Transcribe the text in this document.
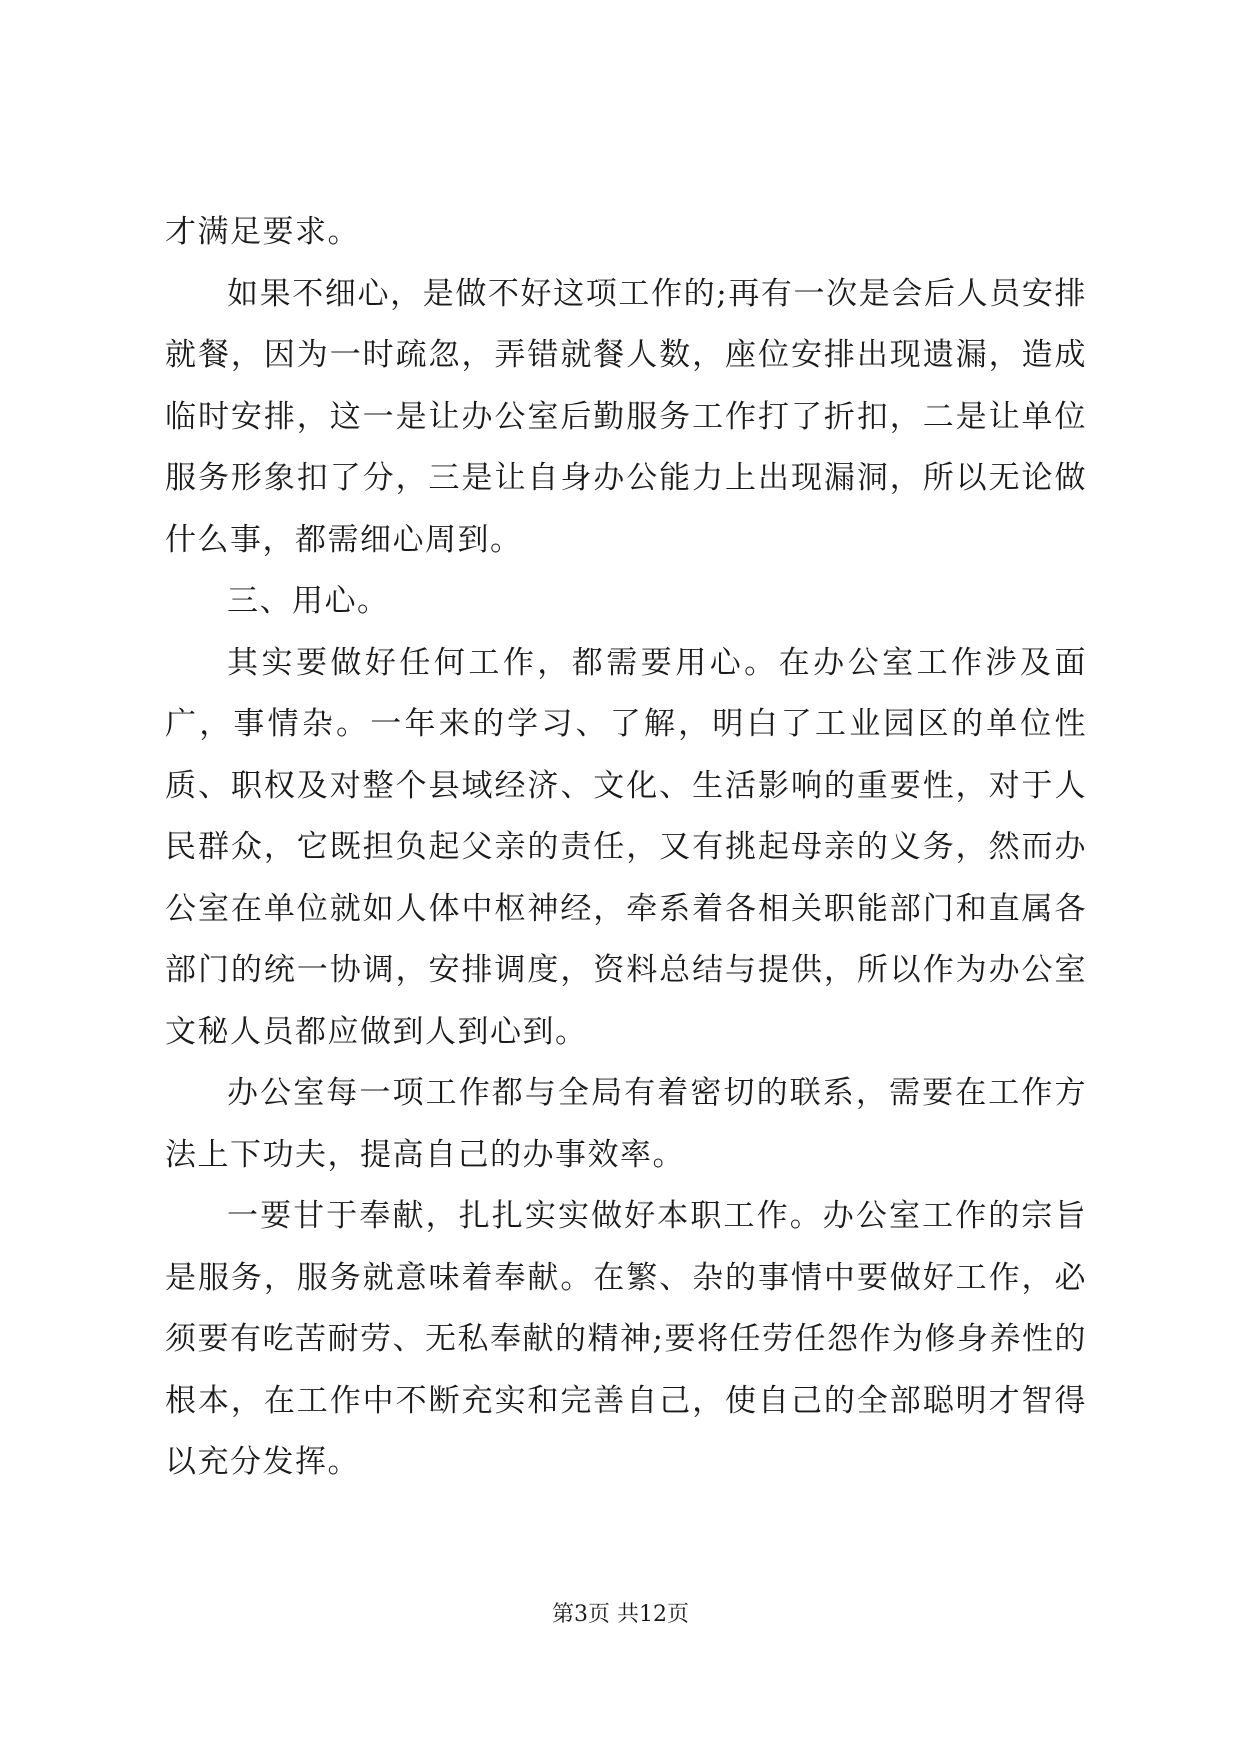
才满足要求。

如果不细心，是做不好这项工作的;再有一次是会后人员安排就餐，因为一时疏忽，弄错就餐人数，座位安排出现遗漏，造成临时安排，这一是让办公室后勤服务工作打了折扣，二是让单位服务形象扣了分，三是让自身办公能力上出现漏洞，所以无论做什么事，都需细心周到。

三、用心。

其实要做好任何工作，都需要用心。在办公室工作涉及面广，事情杂。一年来的学习、了解，明白了工业园区的单位性质、职权及对整个县域经济、文化、生活影响的重要性，对于人民群众，它既担负起父亲的责任，又有挑起母亲的义务，然而办公室在单位就如人体中枢神经，牵系着各相关职能部门和直属各部门的统一协调，安排调度，资料总结与提供，所以作为办公室文秘人员都应做到人到心到。

办公室每一项工作都与全局有着密切的联系，需要在工作方法上下功夫，提高自己的办事效率。

一要甘于奉献，扎扎实实做好本职工作。办公室工作的宗旨是服务，服务就意味着奉献。在繁、杂的事情中要做好工作，必须要有吃苦耐劳、无私奉献的精神;要将任劳任怨作为修身养性的根本，在工作中不断充实和完善自己，使自己的全部聪明才智得以充分发挥。

第3页 共12页
